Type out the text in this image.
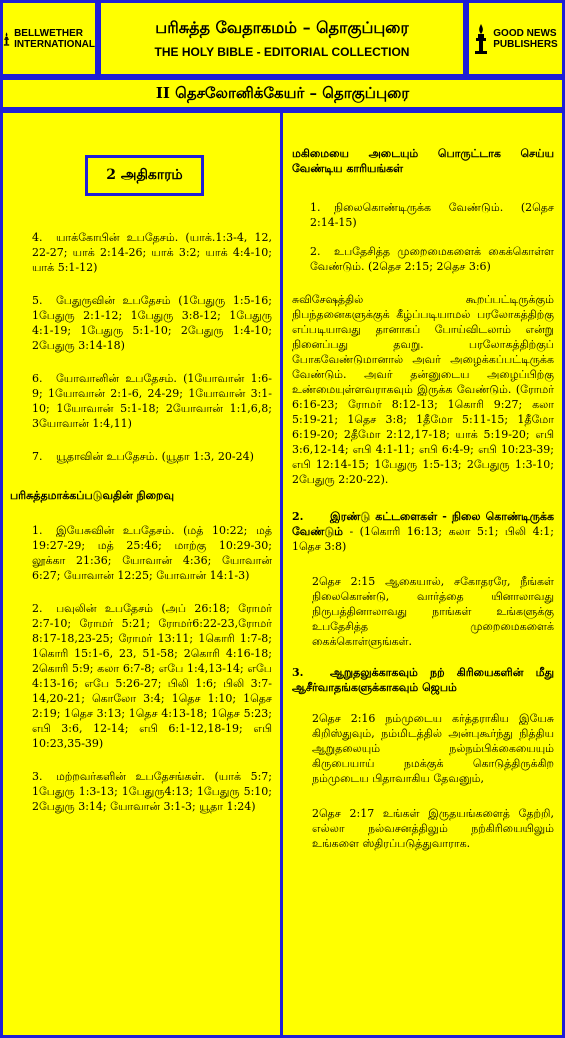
BELLWETHER
INTERNATIONAL
பரிசுத்த வேதாகமம் – தொகுப்புரை
THE HOLY BIBLE - EDITORIAL COLLECTION
GOOD NEWS
PUBLISHERS
II தெசலோனிக்கேயர் – தொகுப்புரை
2 அதிகாரம்
4. யாக்கோபின் உபதேசம். (யாக்.1:3-4, 12, 22-27; யாக் 2:14-26; யாக் 3:2; யாக் 4:4-10; யாக் 5:1-12)
5. பேதுருவின் உபதேசம் (1பேதுரு 1:5-16; 1பேதுரு 2:1-12; 1பேதுரு 3:8-12; 1பேதுரு 4:1-19; 1பேதுரு 5:1-10; 2பேதுரு 1:4-10; 2பேதுரு 3:14-18)
6. யோவானின் உபதேசம். (1யோவான் 1:6-9; 1யோவான் 2:1-6, 24-29; 1யோவான் 3:1-10; 1யோவான் 5:1-18; 2யோவான் 1:1,6,8; 3யோவான் 1:4,11)
7. யூதாவின் உபதேசம். (யூதா 1:3, 20-24)
பரிசுத்தமாக்கப்படுவதின் நிறைவு
1. இயேசுவின் உபதேசம். (மத் 10:22; மத் 19:27-29; மத் 25:46; மாற்கு 10:29-30; லூக்கா 21:36; யோவான் 4:36; யோவான் 6:27; யோவான் 12:25; யோவான் 14:1-3)
2. பவுலின் உபதேசம் (அப் 26:18; ரோமர் 2:7-10; ரோமர் 5:21; ரோமர்6:22-23,ரோமர் 8:17-18,23-25; ரோமர் 13:11; 1கொரி 1:7-8; 1கொரி 15:1-6, 23, 51-58; 2கொரி 4:16-18; 2கொரி 5:9; கலா 6:7-8; எபே 1:4,13-14; எபே 4:13-16; எபே 5:26-27; பிலி 1:6; பிலி 3:7-14,20-21; கொலோ 3:4; 1தெச 1:10; 1தெச 2:19; 1தெச 3:13; 1தெச 4:13-18; 1தெச 5:23; எபி 3:6, 12-14; எபி 6:1-12,18-19; எபி 10:23,35-39)
3. மற்றவர்களின் உபதேசங்கள். (யாக் 5:7; 1பேதுரு 1:3-13; 1பேதுரு4:13; 1பேதுரு 5:10; 2பேதுரு 3:14; யோவான் 3:1-3; யூதா 1:24)
மகிமையை அடையும் பொருட்டாக செய்ய வேண்டிய காரியங்கள்
1. நிலைகொண்டிருக்க வேண்டும். (2தெச 2:14-15)
2. உபதேசித்த முறைமைகளைக் கைக்கொள்ள வேண்டும். (2தெச 2:15; 2தெச 3:6)
சுவிசேஷத்தில் கூறப்பட்டிருக்கும் நிபந்தனைகளுக்குக் கீழ்ப்படியாமல் பரலோகத்திற்கு எப்படியாவது தானாகப் போய்விடலாம் என்று நினைப்பது தவறு. பரலோகத்திற்குப் போகவேண்டுமானால் அவர் அழைக்கப்பட்டிருக்க வேண்டும். அவர் தன்னுடைய அழைப்பிற்கு உண்மையுள்ளவராகவும் இருக்க வேண்டும். (ரோமர் 6:16-23; ரோமர் 8:12-13; 1கொரி 9:27; கலா 5:19-21; 1தெச 3:8; 1தீமோ 5:11-15; 1தீமோ 6:19-20; 2தீமோ 2:12,17-18; யாக் 5:19-20; எபி 3:6,12-14; எபி 4:1-11; எபி 6:4-9; எபி 10:23-39; எபி 12:14-15; 1பேதுரு 1:5-13; 2பேதுரு 1:3-10; 2பேதுரு 2:20-22).
2. இரண்டு கட்டளைகள் - நிலை கொண்டிருக்க வேண்டும் - (1கொரி 16:13; கலா 5:1; பிலி 4:1; 1தெச 3:8)
2தெச 2:15 ஆகையால், சகோதரரே, நீங்கள் நிலைகொண்டு, வார்த்தை யினாலாவது நிருபத்தினாலாவது நாங்கள் உங்களுக்கு உபதேசித்த முறைமைகளைக் கைக்கொள்ளுங்கள்.
3. ஆறுதலுக்காகவும் நற் கிரியைகளின் மீது ஆசீர்வாதங்களுக்காகவும் ஜெபம்
2தெச 2:16 நம்முடைய கர்த்தராகிய இயேசு கிறிஸ்துவும், நம்மிடத்தில் அன்புகூர்ந்து நித்திய ஆறுதலையும் நல்நம்பிக்கையையும் கிருபையாய் நமக்குக் கொடுத்திருக்கிற நம்முடைய பிதாவாகிய தேவனும்,
2தெச 2:17 உங்கள் இருதயங்களைத் தேற்றி, எல்லா நல்வசனத்திலும் நற்கிரியையிலும் உங்களை ஸ்திரப்படுத்துவாராக.
